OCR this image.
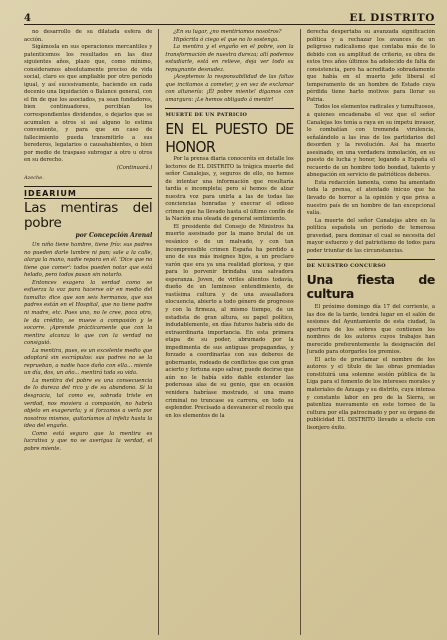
4	EL DISTRITO

no desarrollo de su dilatada esfera de acción.

Sigámosla en sus operaciones mercantiles y patenticemos los resultados en las diez siguientes años, plazo que, como mínimo, consideramos absolutamente preciso de vida social, claro es que ampliable por otro período igual, y así sucesivamente, haciendo en cada decenio una liquidación o Balance general, con el fin de que los asociados, ya sean fundadores, bien continuadores, percibían los correspondientes dividendos, o dejarlos que se acumulen a otros si así alguno lo estima conveniente, y para que en caso de fallecimiento pueda transmitirlo a sus herederos, legatarios o causahabientes, o bien por medio de traspaso subrogar a otro u otros en su derecho.

(Continuará.)

Azeche.

IDEARIUM
Las mentiras del pobre
por Concepción Arenal

Un niño tiene hambre, tiene frío: sus padres no pueden darle lumbre ni pan; sale a la calle, alarga la mano, nadie repara en él. 'Dice que no tiene que comer': todos pueden notar que está helado, pero todos pasan sin notarlo.

Entonces exagera la verdad como se esfuerza la voz para hacerse oír en medio del tumulto: dice que son seis hermanos, que sus padres están en el Hospital, que no tiene padre ni madre, etc. Pues uno, no le cree, poca otro, le da crédito, se mueve a compasión y le socorre. ¡Aprende prácticamente que con la mentira alcanza lo que con la verdad no consiguió.

La mentira, pues, es un excelente medio que adoptará sin escrúpulos: sus padres no se la reprueban, a nadie hace daño con ella... miente un día, dos, un año... mentirá toda su vida.

La mentira del pobre es una consecuencia de lo dureza del rico y de su abandono. Si la desgracia, tal como es, sobrada triste en verdad, nos moviera a compasión, no habría objeto en exagerarla; y si forzamos a verla por nosotros mismos, quitaríamos al infeliz hasta la idea del engaño.

Como está seguro que la mentira es lucrativa y que no se averigua la verdad, el pobre miente.

¿En su lugar, ¿no mentiríamos nosotros?

Hipócrita ó ciego el que no lo sostenga.

La mentira y el engaño en el pobre, son la transformación de nuestra dureza; allí podemos estudiarle, está en relieve, deja ver todo su repugnante desnudez.

¡Aceptemos la responsabilidad de las faltas que incitamos a cometer, y en vez de exclamar con altanería: ¡Él pobre miente! digamos con amargura: ¡Le hemos obligado á mentir!

MUERTE DE UN PATRICIO
EN EL PUESTO DE HONOR

Por la prensa diaria conoceréis en detalle los lectores de EL DISTRITO la trágica muerte del señor Canalejas, y, seguros de ello, no hemos de intentar una información que resultaría tardía e incompleta; pero sí hemos de alzar nuestra voz para unirla a las de todas las conciencias honradas y execrar el odioso crimen que ha llevado hasta el último confín de la Nación una oleada de general sentimiento.

El presidente del Consejo de Ministros ha muerto asesinado por la mano brutal de un vesánico o de un malvado, y con tan incomprensible crimen España ha perdido a uno de sus más insignes hijos, a un preclaro varón que era ya una realidad gloriosa, y que para lo porvenir brindaba una salvadora esperanza. Joven, de viriles alientos todavía, dueño de un luminoso entendimiento, de vastísima cultura y de una avasalladora elocuencia, abierto a todo género de progresos y con la firmeza, al mismo tiempo, de un estadista de gran altura, su papel político, indudablemente, en días futuros habría sido de extraordinaria importancia. En esta primera etapa de su poder, abrumado por la impedimenta de sus antiguas propagandas, y forzado a coordinarlas con sus deberes de gobernante, rodeado de conflictos que con gran acierto y fortuna supo salvar, puede decirse que aún no le había sido dable extender las poderosas alas de su genio, que en ocasión venidera habríase mostrado, si una mano criminal no truncase su carrera, en todo su esplendor. Precisado a desvanecer el recelo que en los elementos de la

derecha despertaba su avanzada significación política y a rechazar los avances de un peligroso radicalismo que contaba más de lo debido con su amplitud de criterio, su obra de estos tres años últimos ha adolecido de falta de consistencia, pero ha acreditado sobradamente que había en el muerto jefe liberal el temperamento de un hombre de Estado cuya pérdida tiene harto motivos para llorar su Patria.

Todos los elementos radicales y tumultuosos, a quienes encadenaba el vez que el señor Canalejas los tenía a raya en su ímpetu invasor, lo combatían con tremenda virulencia, señalándolo a las iras de los partidarios del desorden y la revolución. Así ha muerto asesinado, en una verdadera inmolación, en su puesto de lucha y honor, legando a España el recuerdo de un hombre todo bondad, talento y abnegación en servicio de patrióticos deberes.

Esta redacción lamenta, como ha amentado toda la prensa, el atentado inicuo que ha llevado de horror a la opinión y que priva a nuestro país de un hombre de tan excepcional valía.

La muerte del señor Canalejas abre en la política española un período de temerosa gravedad, para dominar el cual se necesita del mayor esfuerzo y del patriotismo de todos para poder triunfar de las circunstancias.

DE NUESTRO CONCURSO
Una fiesta de cultura

El próximo domingo día 17 del corriente, a las dos de la tarde, tendrá lugar en el salón de sesiones del Ayuntamiento de esta ciudad, la apertura de los sobres que contienen los nombres de los autores cuyos trabajos han merecido preferentemente la designación del Jurado para otorgarles los premios.

El acto de proclamar el nombre de los autores y el título de las obras premiadas constituirá una solemne sesión pública de la Liga para el fomento de los intereses morales y materiales de Azuaga y su distrito, cuya intensa y constante labor en pro de la Sierra, se patentiza nuevamente en este torneo de la cultura por ella patrocinado y por su órgano de publicidad EL DISTRITO llevado a efecto con lisonjero éxito.
